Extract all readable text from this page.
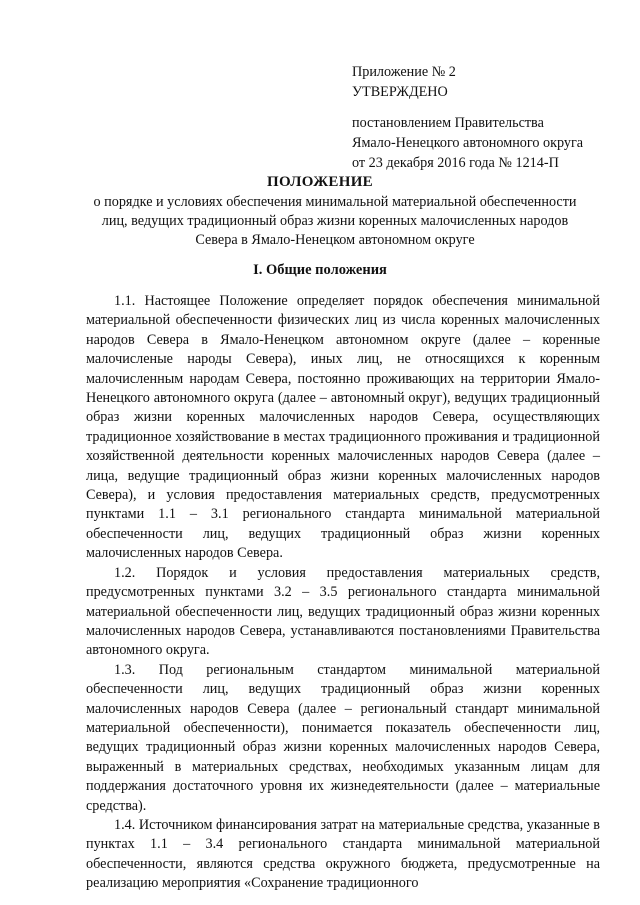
Приложение № 2
УТВЕРЖДЕНО
постановлением Правительства
Ямало-Ненецкого автономного округа
от 23 декабря 2016 года № 1214-П
ПОЛОЖЕНИЕ
о порядке и условиях обеспечения минимальной материальной обеспеченности
лиц, ведущих традиционный образ жизни коренных малочисленных народов
Севера в Ямало-Ненецком автономном округе
I. Общие положения

1.1. Настоящее Положение определяет порядок обеспечения минимальной материальной обеспеченности физических лиц из числа коренных малочисленных народов Севера в Ямало-Ненецком автономном округе (далее – коренные малочисленые народы Севера), иных лиц, не относящихся к коренным малочисленным народам Севера, постоянно проживающих на территории Ямало-Ненецкого автономного округа (далее – автономный округ), ведущих традиционный образ жизни коренных малочисленных народов Севера, осуществляющих традиционное хозяйствование в местах традиционного проживания и традиционной хозяйственной деятельности коренных малочисленных народов Севера (далее – лица, ведущие традиционный образ жизни коренных малочисленных народов Севера), и условия предоставления материальных средств, предусмотренных пунктами 1.1 – 3.1 регионального стандарта минимальной материальной обеспеченности лиц, ведущих традиционный образ жизни коренных малочисленных народов Севера.

1.2. Порядок и условия предоставления материальных средств, предусмотренных пунктами 3.2 – 3.5 регионального стандарта минимальной материальной обеспеченности лиц, ведущих традиционный образ жизни коренных малочисленных народов Севера, устанавливаются постановлениями Правительства автономного округа.

1.3. Под региональным стандартом минимальной материальной обеспеченности лиц, ведущих традиционный образ жизни коренных малочисленных народов Севера (далее – региональный стандарт минимальной материальной обеспеченности), понимается показатель обеспеченности лиц, ведущих традиционный образ жизни коренных малочисленных народов Севера, выраженный в материальных средствах, необходимых указанным лицам для поддержания достаточного уровня их жизнедеятельности (далее – материальные средства).

1.4. Источником финансирования затрат на материальные средства, указанные в пунктах 1.1 – 3.4 регионального стандарта минимальной материальной обеспеченности, являются средства окружного бюджета, предусмотренные на реализацию мероприятия «Сохранение традиционного
